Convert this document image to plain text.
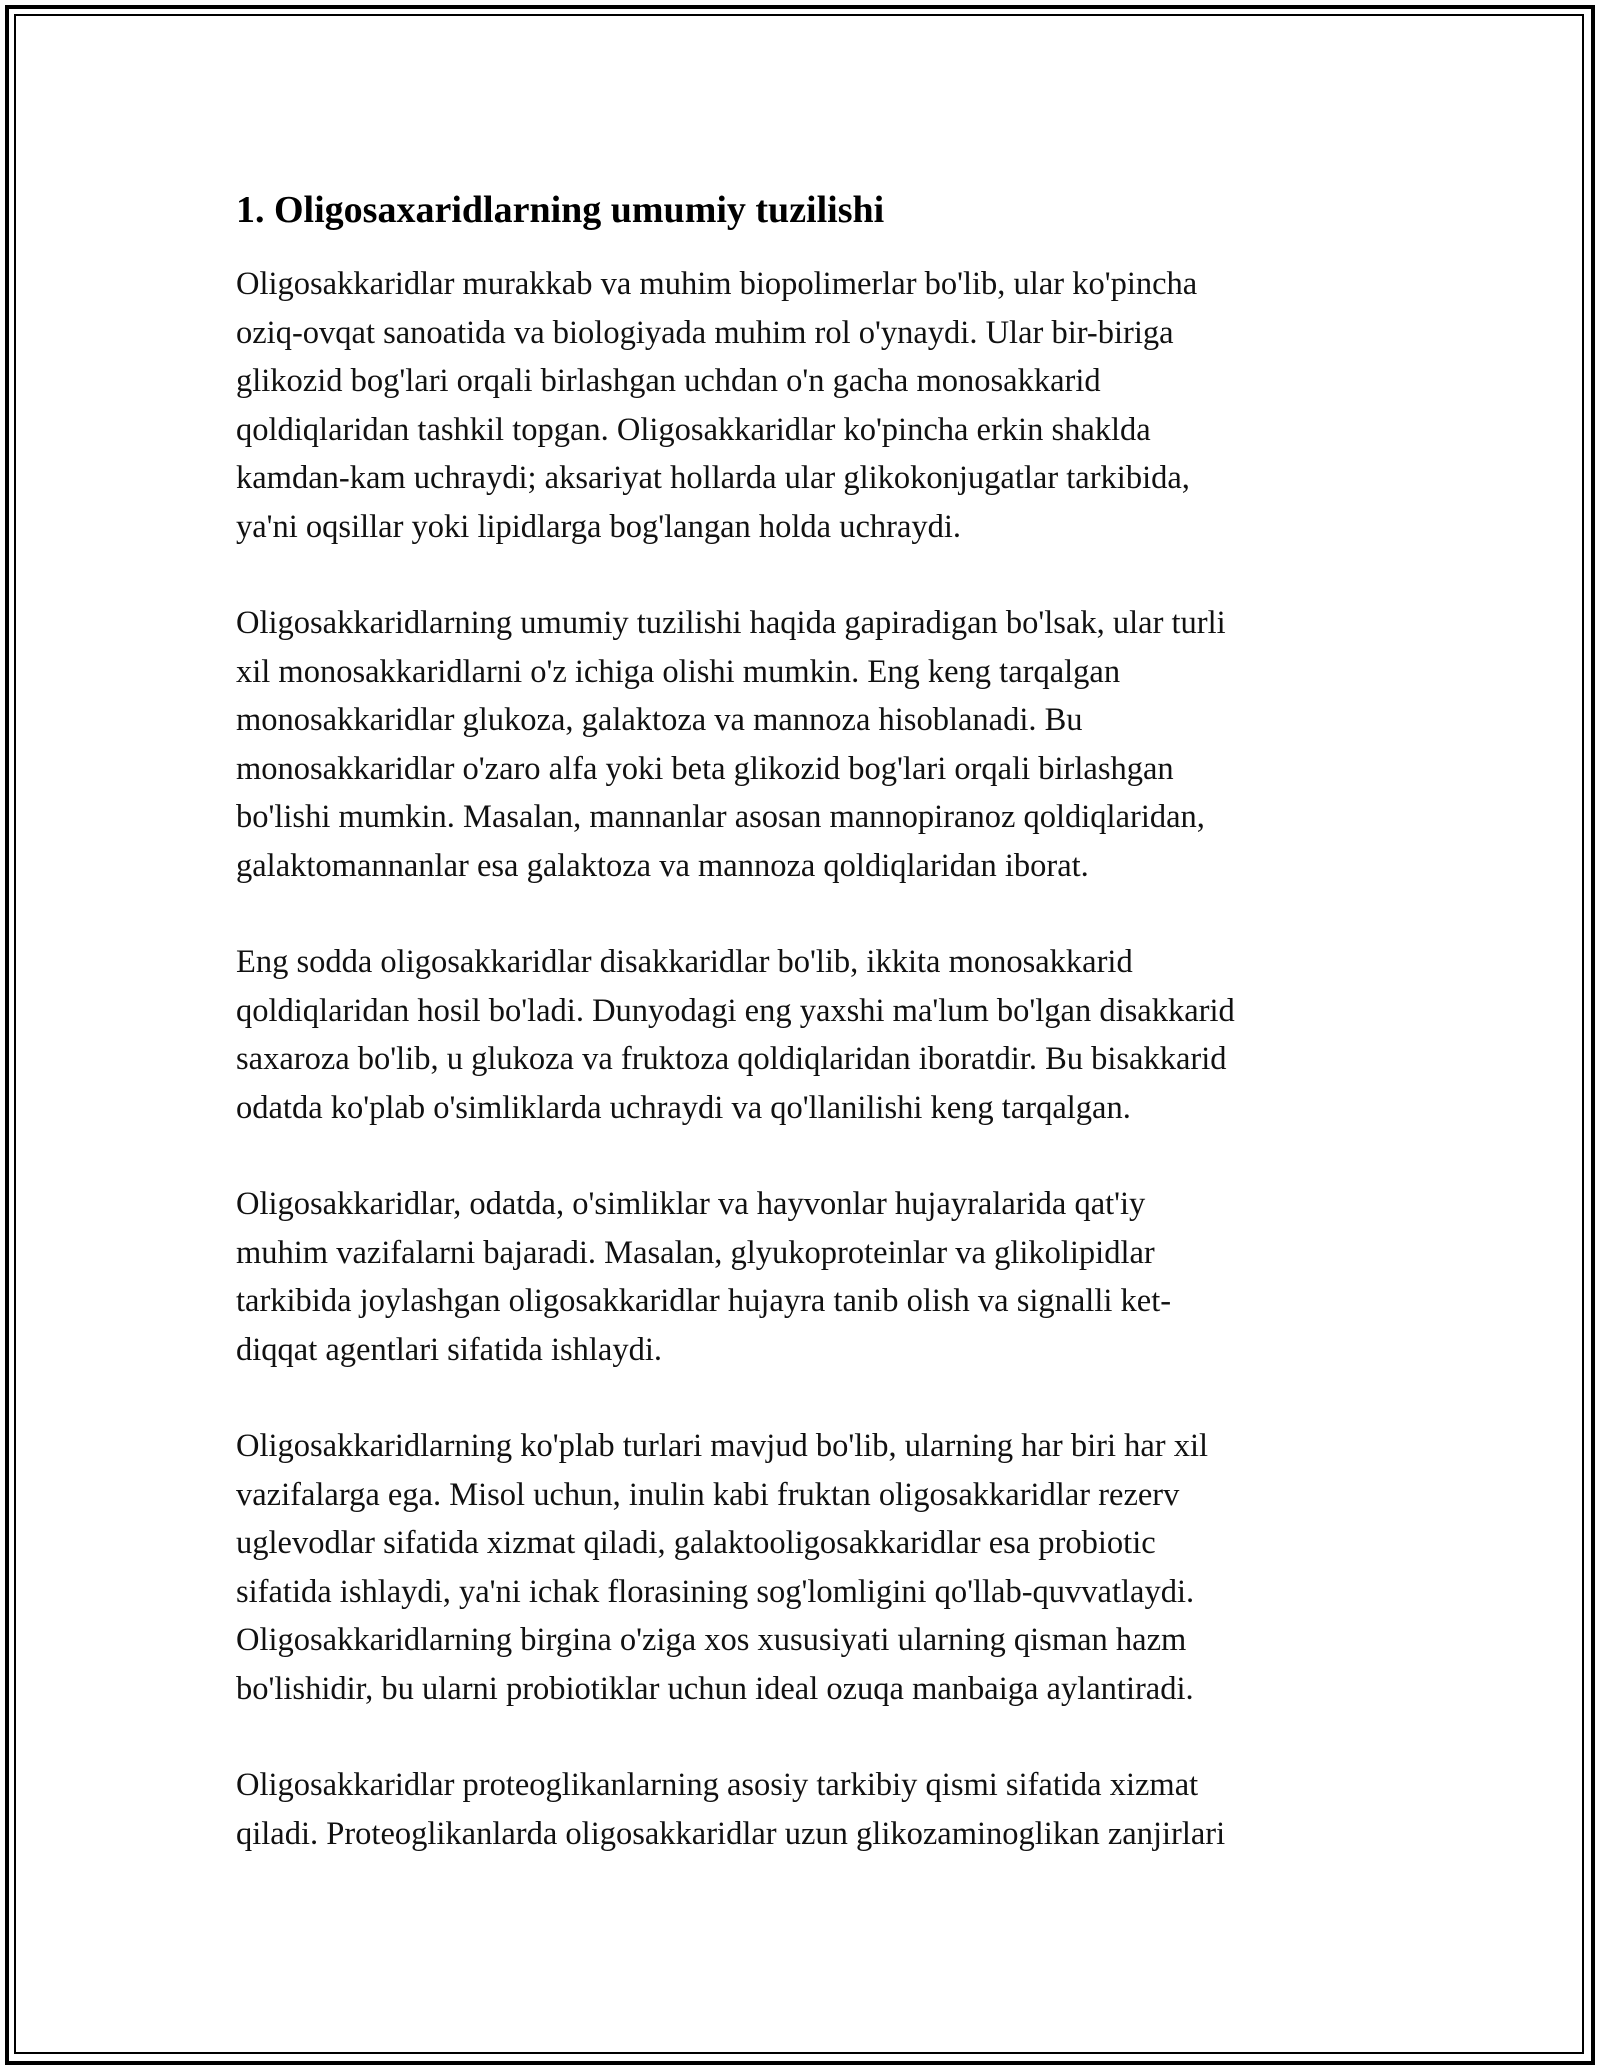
1. Oligosaxaridlarning umumiy tuzilishi

Oligosakkaridlar murakkab va muhim biopolimerlar bo'lib, ular ko'pincha
oziq-ovqat sanoatida va biologiyada muhim rol o'ynaydi. Ular bir-biriga
glikozid bog'lari orqali birlashgan uchdan o'n gacha monosakkarid
qoldiqlaridan tashkil topgan. Oligosakkaridlar ko'pincha erkin shaklda
kamdan-kam uchraydi; aksariyat hollarda ular glikokonjugatlar tarkibida,
ya'ni oqsillar yoki lipidlarga bog'langan holda uchraydi.

Oligosakkaridlarning umumiy tuzilishi haqida gapiradigan bo'lsak, ular turli
xil monosakkaridlarni o'z ichiga olishi mumkin. Eng keng tarqalgan
monosakkaridlar glukoza, galaktoza va mannoza hisoblanadi. Bu
monosakkaridlar o'zaro alfa yoki beta glikozid bog'lari orqali birlashgan
bo'lishi mumkin. Masalan, mannanlar asosan mannopiranoz qoldiqlaridan,
galaktomannanlar esa galaktoza va mannoza qoldiqlaridan iborat.

Eng sodda oligosakkaridlar disakkaridlar bo'lib, ikkita monosakkarid
qoldiqlaridan hosil bo'ladi. Dunyodagi eng yaxshi ma'lum bo'lgan disakkarid
saxaroza bo'lib, u glukoza va fruktoza qoldiqlaridan iboratdir. Bu bisakkarid
odatda ko'plab o'simliklarda uchraydi va qo'llanilishi keng tarqalgan.

Oligosakkaridlar, odatda, o'simliklar va hayvonlar hujayralarida qat'iy
muhim vazifalarni bajaradi. Masalan, glyukoproteinlar va glikolipidlar
tarkibida joylashgan oligosakkaridlar hujayra tanib olish va signalli ket-
diqqat agentlari sifatida ishlaydi.

Oligosakkaridlarning ko'plab turlari mavjud bo'lib, ularning har biri har xil
vazifalarga ega. Misol uchun, inulin kabi fruktan oligosakkaridlar rezerv
uglevodlar sifatida xizmat qiladi, galaktooligosakkaridlar esa probiotic
sifatida ishlaydi, ya'ni ichak florasining sog'lomligini qo'llab-quvvatlaydi.
Oligosakkaridlarning birgina o'ziga xos xususiyati ularning qisman hazm
bo'lishidir, bu ularni probiotiklar uchun ideal ozuqa manbaiga aylantiradi.

Oligosakkaridlar proteoglikanlarning asosiy tarkibiy qismi sifatida xizmat
qiladi. Proteoglikanlarda oligosakkaridlar uzun glikozaminoglikan zanjirlari
